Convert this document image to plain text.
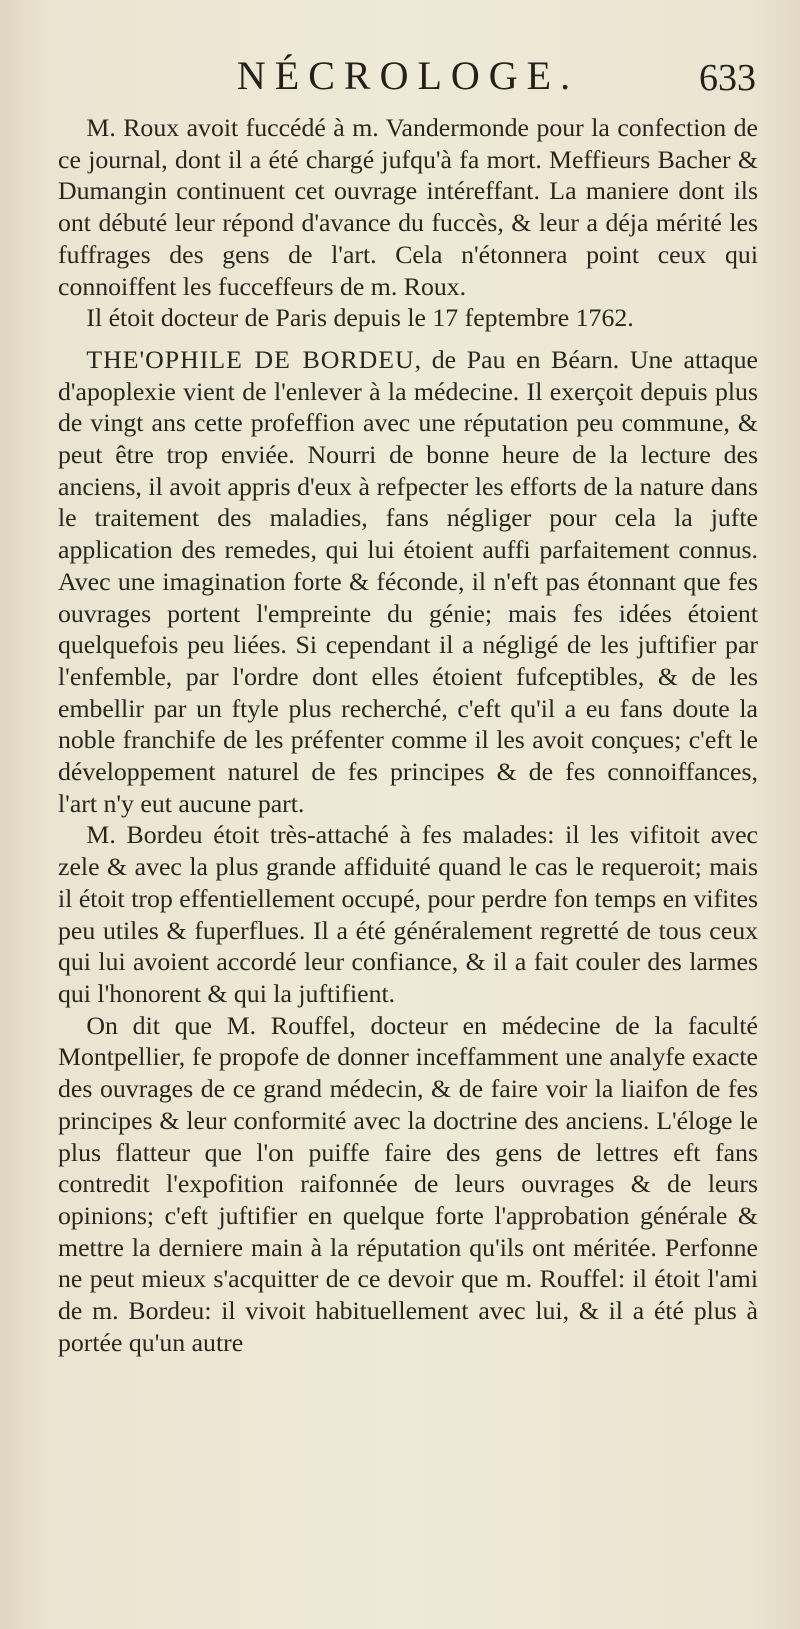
NÉCROLOGE.	633

M. Roux avoit fuccédé à m. Vandermonde pour la confection de ce journal, dont il a été chargé jufqu'à fa mort. Meffieurs Bacher & Dumangin continuent cet ouvrage intéreffant. La maniere dont ils ont débuté leur répond d'avance du fuccès, & leur a déja mérité les fuffrages des gens de l'art. Cela n'étonnera point ceux qui connoiffent les fucceffeurs de m. Roux.

Il étoit docteur de Paris depuis le 17 feptembre 1762.

THE'OPHILE DE BORDEU, de Pau en Béarn. Une attaque d'apoplexie vient de l'enlever à la médecine. Il exerçoit depuis plus de vingt ans cette profeffion avec une réputation peu commune, & peut être trop enviée. Nourri de bonne heure de la lecture des anciens, il avoit appris d'eux à refpecter les efforts de la nature dans le traitement des maladies, fans négliger pour cela la jufte application des remedes, qui lui étoient auffi parfaitement connus. Avec une imagination forte & féconde, il n'eft pas étonnant que fes ouvrages portent l'empreinte du génie; mais fes idées étoient quelquefois peu liées. Si cependant il a négligé de les juftifier par l'enfemble, par l'ordre dont elles étoient fufceptibles, & de les embellir par un ftyle plus recherché, c'eft qu'il a eu fans doute la noble franchife de les préfenter comme il les avoit conçues; c'eft le développement naturel de fes principes & de fes connoiffances, l'art n'y eut aucune part.

M. Bordeu étoit très-attaché à fes malades: il les vifitoit avec zele & avec la plus grande affiduité quand le cas le requeroit; mais il étoit trop effentiellement occupé, pour perdre fon temps en vifites peu utiles & fuperflues. Il a été généralement regretté de tous ceux qui lui avoient accordé leur confiance, & il a fait couler des larmes qui l'honorent & qui la juftifient.

On dit que M. Rouffel, docteur en médecine de la faculté Montpellier, fe propofe de donner inceffamment une analyfe exacte des ouvrages de ce grand médecin, & de faire voir la liaifon de fes principes & leur conformité avec la doctrine des anciens. L'éloge le plus flatteur que l'on puiffe faire des gens de lettres eft fans contredit l'expofition raifonnée de leurs ouvrages & de leurs opinions; c'eft juftifier en quelque forte l'approbation générale & mettre la derniere main à la réputation qu'ils ont méritée. Perfonne ne peut mieux s'acquitter de ce devoir que m. Rouffel: il étoit l'ami de m. Bordeu: il vivoit habituellement avec lui, & il a été plus à portée qu'un autre
